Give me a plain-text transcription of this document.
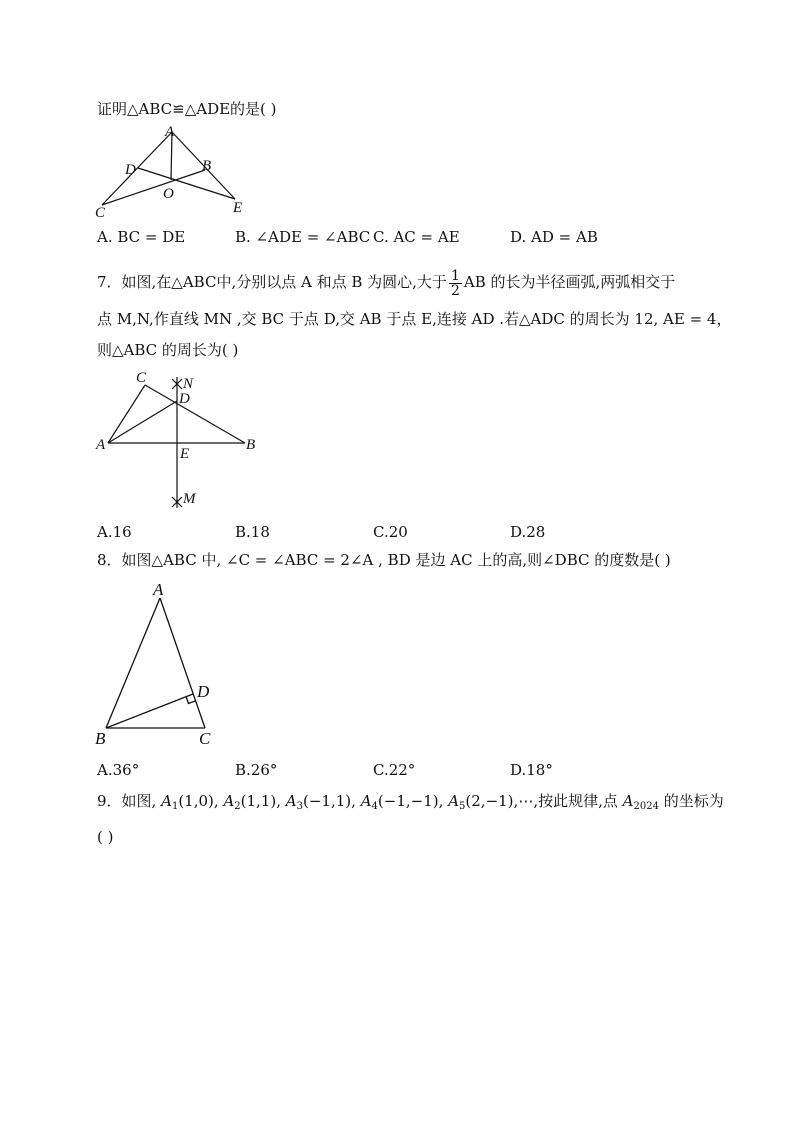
证明△ABC≌△ADE的是( )
A
D	B
O
C	E
A. BC = DE	B. ∠ADE = ∠ABC C. AC = AE	D. AD = AB
7．如图,在△ABC中,分别以点 A 和点 B 为圆心,大于 $\frac{1}{2}$ AB 的长为半径画弧,两弧相交于
点 M,N,作直线 MN ,交 BC 于点 D,交 AB 于点 E,连接 AD .若△ADC 的周长为 12, AE = 4，
则△ABC 的周长为( )
C N
D
A	B
E
M
A.16	B.18	C.20	D.28
8．如图△ABC 中, ∠C = ∠ABC = 2∠A , BD 是边 AC 上的高,则∠DBC 的度数是( )
A
D
B	C
A.36°	B.26°	C.22°	D.18°
9．如图, $A_1(1,0)$, $A_2(1,1)$, $A_3(-1,1)$, $A_4(-1,-1)$, $A_5(2,-1),\cdots$,按此规律,点 $A_{2024}$ 的坐标为
( )
